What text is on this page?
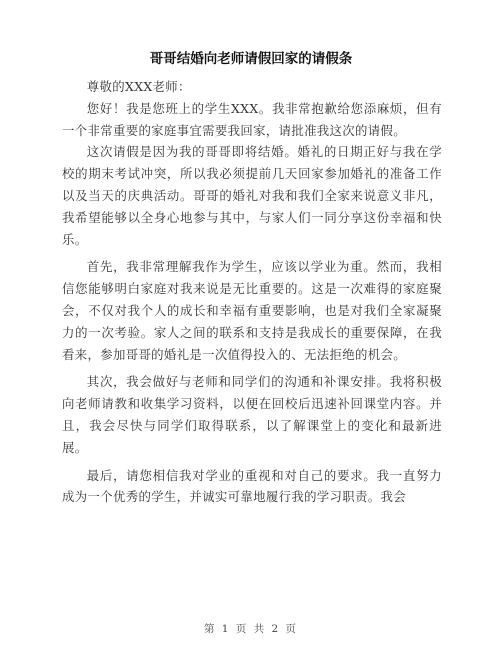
哥哥结婚向老师请假回家的请假条

尊敬的XXX老师：

您好！我是您班上的学生XXX。我非常抱歉给您添麻烦，但有一个非常重要的家庭事宜需要我回家，请批准我这次的请假。

这次请假是因为我的哥哥即将结婚。婚礼的日期正好与我在学校的期末考试冲突，所以我必须提前几天回家参加婚礼的准备工作以及当天的庆典活动。哥哥的婚礼对我和我们全家来说意义非凡，我希望能够以全身心地参与其中，与家人们一同分享这份幸福和快乐。

首先，我非常理解我作为学生，应该以学业为重。然而，我相信您能够明白家庭对我来说是无比重要的。这是一次难得的家庭聚会，不仅对我个人的成长和幸福有重要影响，也是对我们全家凝聚力的一次考验。家人之间的联系和支持是我成长的重要保障，在我看来，参加哥哥的婚礼是一次值得投入的、无法拒绝的机会。

其次，我会做好与老师和同学们的沟通和补课安排。我将积极向老师请教和收集学习资料，以便在回校后迅速补回课堂内容。并且，我会尽快与同学们取得联系，以了解课堂上的变化和最新进展。

最后，请您相信我对学业的重视和对自己的要求。我一直努力成为一个优秀的学生，并诚实可靠地履行我的学习职责。我会

第 1 页 共 2 页
